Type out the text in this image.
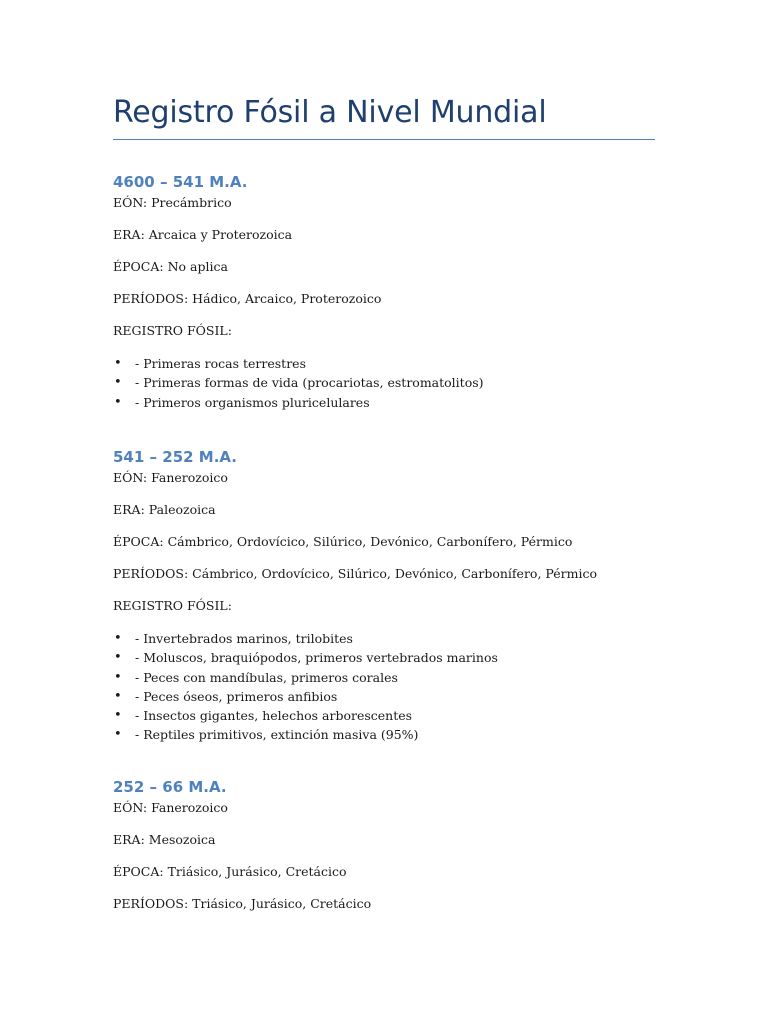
Registro Fósil a Nivel Mundial
4600 – 541 M.A.
EÓN: Precámbrico
ERA: Arcaica y Proterozoica
ÉPOCA: No aplica
PERÍODOS: Hádico, Arcaico, Proterozoico
REGISTRO FÓSIL:
• - Primeras rocas terrestres
• - Primeras formas de vida (procariotas, estromatolitos)
• - Primeros organismos pluricelulares
541 – 252 M.A.
EÓN: Fanerozoico
ERA: Paleozoica
ÉPOCA: Cámbrico, Ordovícico, Silúrico, Devónico, Carbonífero, Pérmico
PERÍODOS: Cámbrico, Ordovícico, Silúrico, Devónico, Carbonífero, Pérmico
REGISTRO FÓSIL:
• - Invertebrados marinos, trilobites
• - Moluscos, braquiópodos, primeros vertebrados marinos
• - Peces con mandíbulas, primeros corales
• - Peces óseos, primeros anfibios
• - Insectos gigantes, helechos arborescentes
• - Reptiles primitivos, extinción masiva (95%)
252 – 66 M.A.
EÓN: Fanerozoico
ERA: Mesozoica
ÉPOCA: Triásico, Jurásico, Cretácico
PERÍODOS: Triásico, Jurásico, Cretácico
